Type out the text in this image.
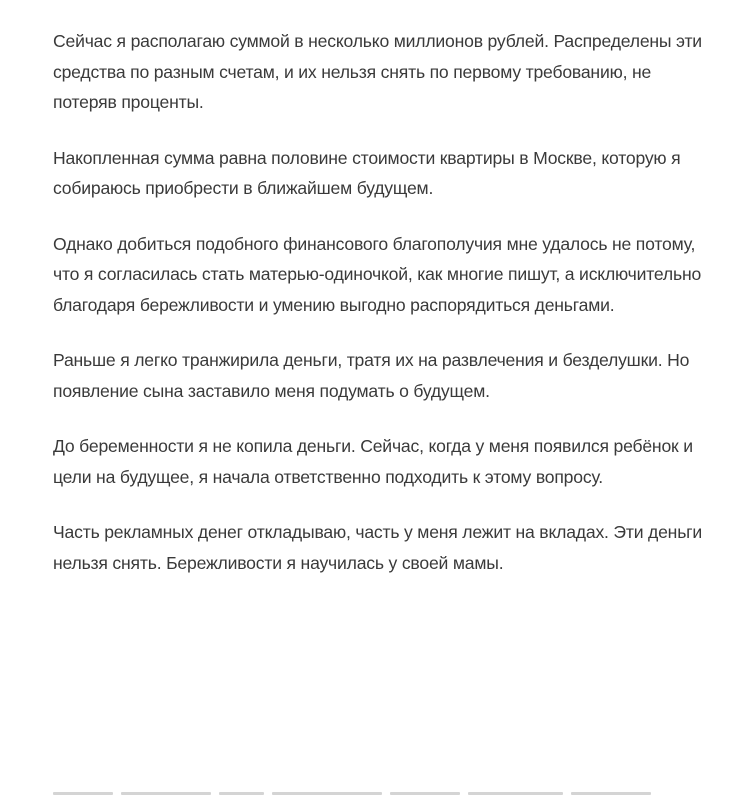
Сейчас я располагаю суммой в несколько миллионов рублей. Распределены эти средства по разным счетам, и их нельзя снять по первому требованию, не потеряв проценты.

Накопленная сумма равна половине стоимости квартиры в Москве, которую я собираюсь приобрести в ближайшем будущем.

Однако добиться подобного финансового благополучия мне удалось не потому, что я согласилась стать матерью-одиночкой, как многие пишут, а исключительно благодаря бережливости и умению выгодно распорядиться деньгами.

Раньше я легко транжирила деньги, тратя их на развлечения и безделушки. Но появление сына заставило меня подумать о будущем.

До беременности я не копила деньги. Сейчас, когда у меня появился ребёнок и цели на будущее, я начала ответственно подходить к этому вопросу.

Часть рекламных денег откладываю, часть у меня лежит на вкладах. Эти деньги нельзя снять. Бережливости я научилась у своей мамы.
